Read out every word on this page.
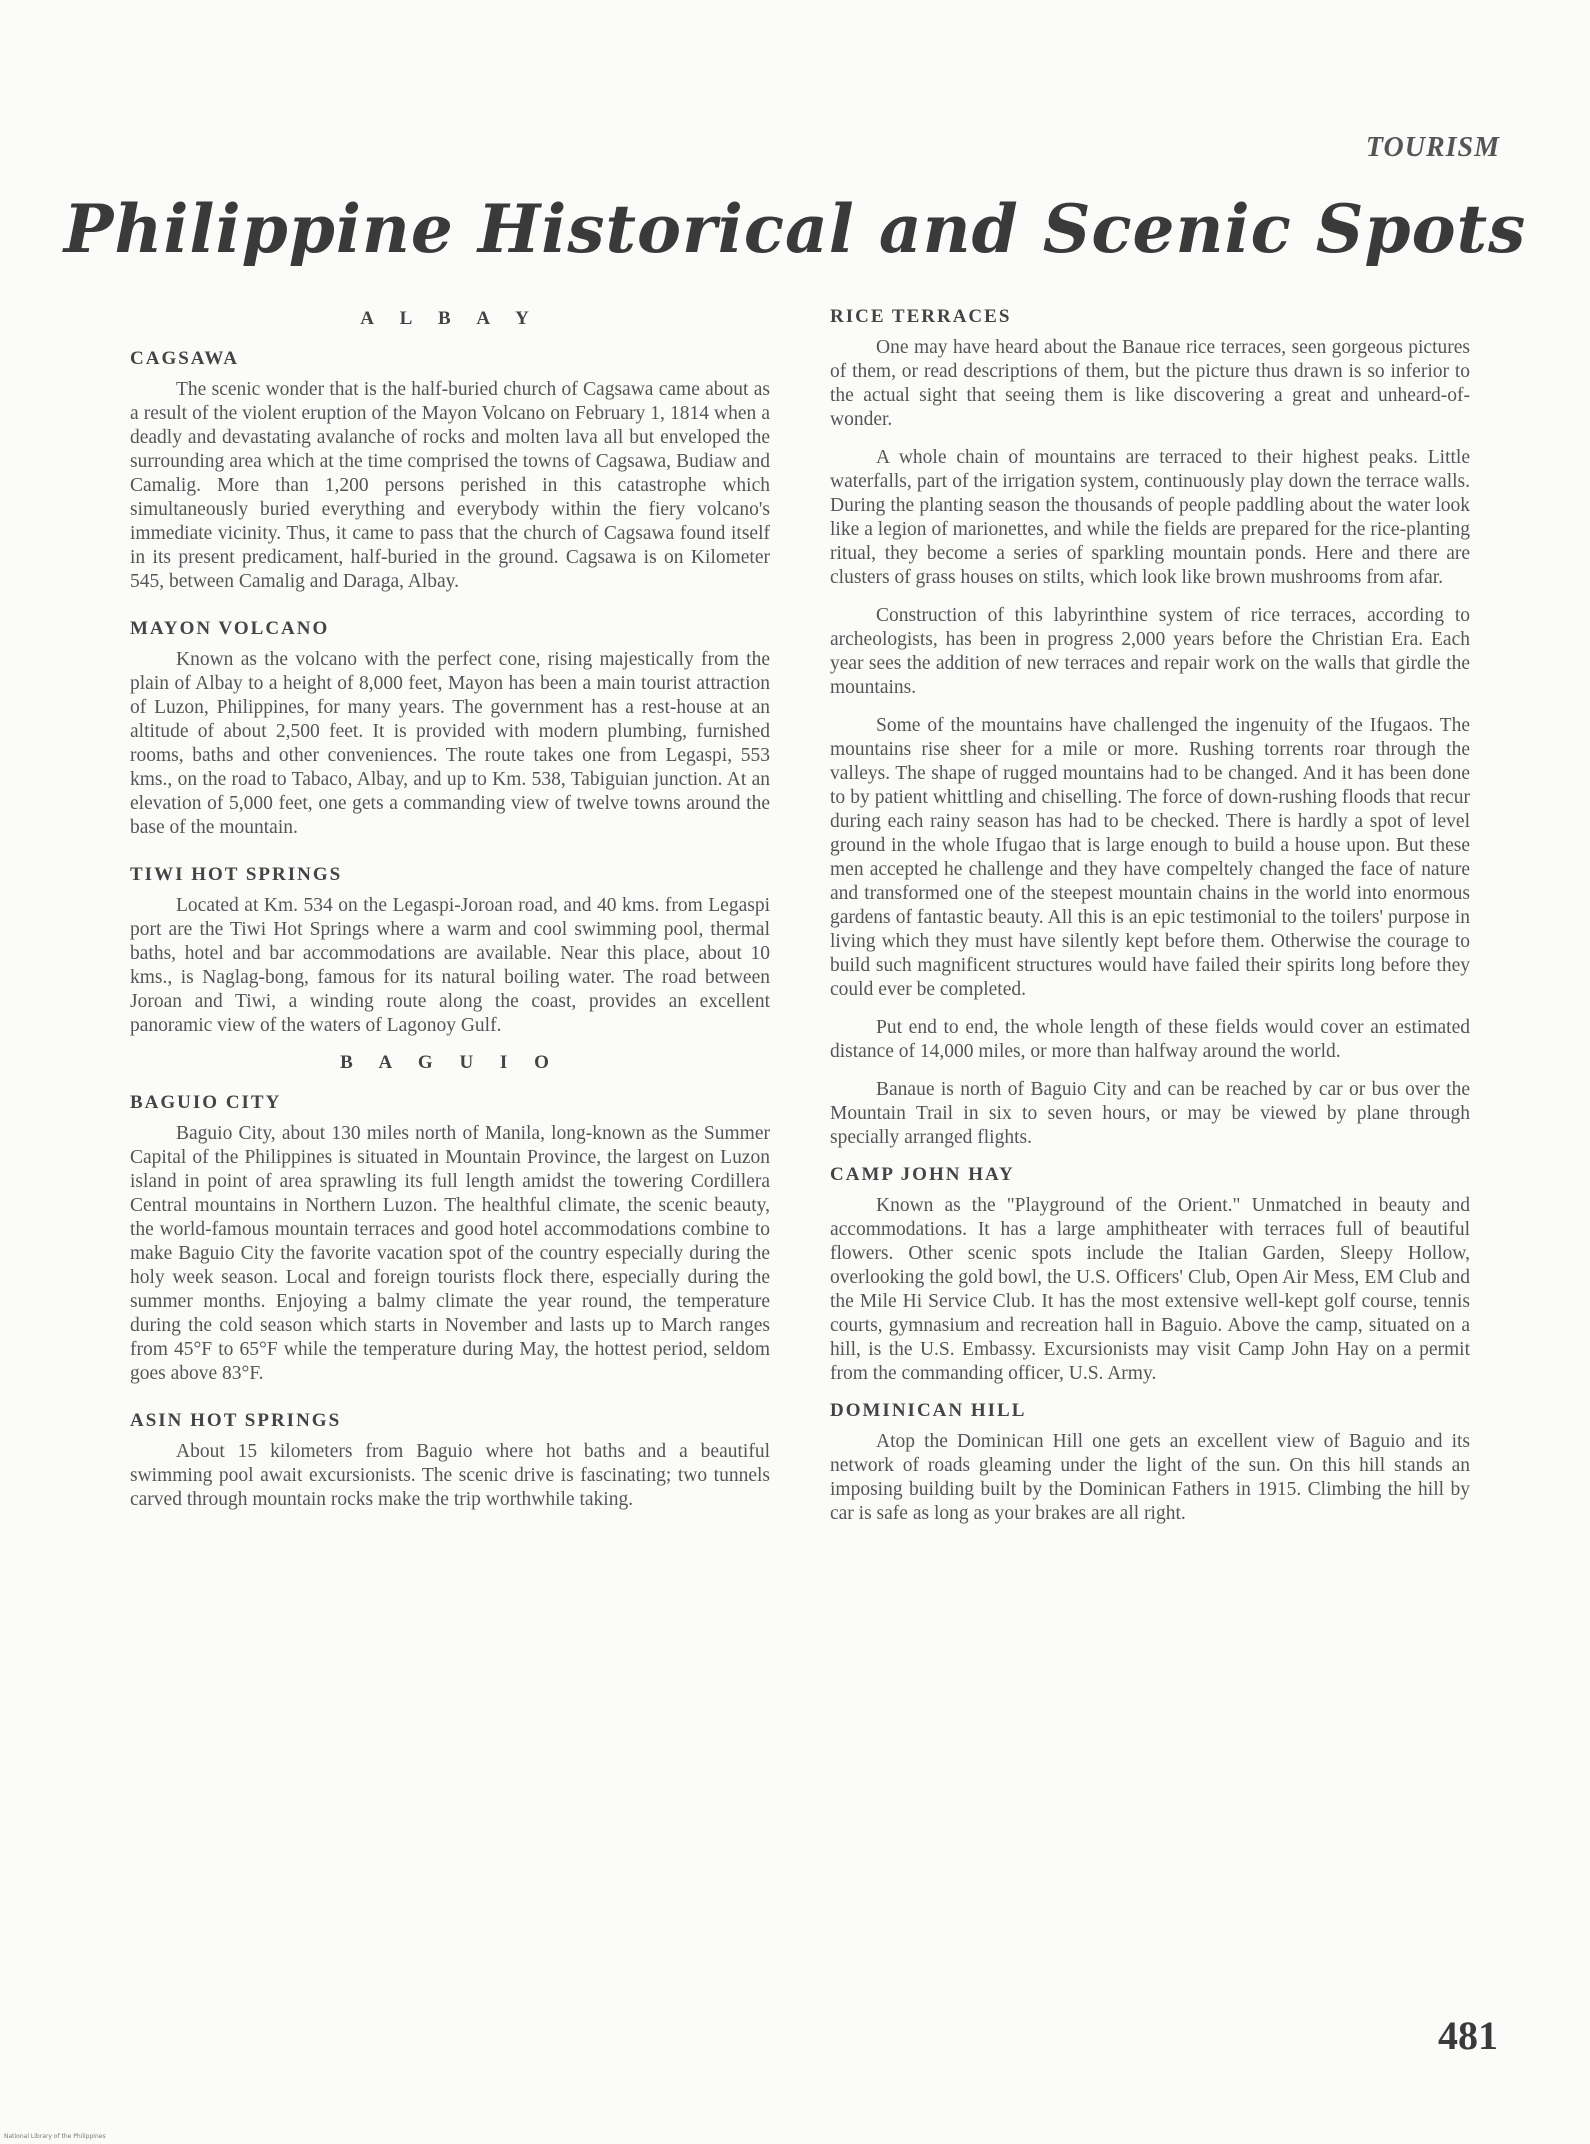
TOURISM
Philippine Historical and Scenic Spots
A L B A Y
CAGSAWA

The scenic wonder that is the half-buried church of Cagsawa came about as a result of the violent eruption of the Mayon Volcano on February 1, 1814 when a deadly and devastating avalanche of rocks and molten lava all but enveloped the surrounding area which at the time comprised the towns of Cagsawa, Budiaw and Camalig. More than 1,200 persons perished in this catastrophe which simultaneously buried everything and everybody within the fiery volcano's immediate vicinity. Thus, it came to pass that the church of Cagsawa found itself in its present predicament, half-buried in the ground. Cagsawa is on Kilometer 545, between Camalig and Daraga, Albay.

MAYON VOLCANO

Known as the volcano with the perfect cone, rising majestically from the plain of Albay to a height of 8,000 feet, Mayon has been a main tourist attraction of Luzon, Philippines, for many years. The government has a rest-house at an altitude of about 2,500 feet. It is provided with modern plumbing, furnished rooms, baths and other conveniences. The route takes one from Legaspi, 553 kms., on the road to Tabaco, Albay, and up to Km. 538, Tabiguian junction. At an elevation of 5,000 feet, one gets a commanding view of twelve towns around the base of the mountain.

TIWI HOT SPRINGS

Located at Km. 534 on the Legaspi-Joroan road, and 40 kms. from Legaspi port are the Tiwi Hot Springs where a warm and cool swimming pool, thermal baths, hotel and bar accommodations are available. Near this place, about 10 kms., is Naglag-bong, famous for its natural boiling water. The road between Joroan and Tiwi, a winding route along the coast, provides an excellent panoramic view of the waters of Lagonoy Gulf.

B A G U I O
BAGUIO CITY

Baguio City, about 130 miles north of Manila, long-known as the Summer Capital of the Philippines is situated in Mountain Province, the largest on Luzon island in point of area sprawling its full length amidst the towering Cordillera Central mountains in Northern Luzon. The healthful climate, the scenic beauty, the world-famous mountain terraces and good hotel accommodations combine to make Baguio City the favorite vacation spot of the country especially during the holy week season. Local and foreign tourists flock there, especially during the summer months. Enjoying a balmy climate the year round, the temperature during the cold season which starts in November and lasts up to March ranges from 45°F to 65°F while the temperature during May, the hottest period, seldom goes above 83°F.

ASIN HOT SPRINGS

About 15 kilometers from Baguio where hot baths and a beautiful swimming pool await excursionists. The scenic drive is fascinating; two tunnels carved through mountain rocks make the trip worthwhile taking.

RICE TERRACES

One may have heard about the Banaue rice terraces, seen gorgeous pictures of them, or read descriptions of them, but the picture thus drawn is so inferior to the actual sight that seeing them is like discovering a great and unheard-of-wonder.

A whole chain of mountains are terraced to their highest peaks. Little waterfalls, part of the irrigation system, continuously play down the terrace walls. During the planting season the thousands of people paddling about the water look like a legion of marionettes, and while the fields are prepared for the rice-planting ritual, they become a series of sparkling mountain ponds. Here and there are clusters of grass houses on stilts, which look like brown mushrooms from afar.

Construction of this labyrinthine system of rice terraces, according to archeologists, has been in progress 2,000 years before the Christian Era. Each year sees the addition of new terraces and repair work on the walls that girdle the mountains.

Some of the mountains have challenged the ingenuity of the Ifugaos. The mountains rise sheer for a mile or more. Rushing torrents roar through the valleys. The shape of rugged mountains had to be changed. And it has been done to by patient whittling and chiselling. The force of down-rushing floods that recur during each rainy season has had to be checked. There is hardly a spot of level ground in the whole Ifugao that is large enough to build a house upon. But these men accepted he challenge and they have compeltely changed the face of nature and transformed one of the steepest mountain chains in the world into enormous gardens of fantastic beauty. All this is an epic testimonial to the toilers' purpose in living which they must have silently kept before them. Otherwise the courage to build such magnificent structures would have failed their spirits long before they could ever be completed.

Put end to end, the whole length of these fields would cover an estimated distance of 14,000 miles, or more than halfway around the world.

Banaue is north of Baguio City and can be reached by car or bus over the Mountain Trail in six to seven hours, or may be viewed by plane through specially arranged flights.

CAMP JOHN HAY

Known as the "Playground of the Orient." Unmatched in beauty and accommodations. It has a large amphitheater with terraces full of beautiful flowers. Other scenic spots include the Italian Garden, Sleepy Hollow, overlooking the gold bowl, the U.S. Officers' Club, Open Air Mess, EM Club and the Mile Hi Service Club. It has the most extensive well-kept golf course, tennis courts, gymnasium and recreation hall in Baguio. Above the camp, situated on a hill, is the U.S. Embassy. Excursionists may visit Camp John Hay on a permit from the commanding officer, U.S. Army.

DOMINICAN HILL

Atop the Dominican Hill one gets an excellent view of Baguio and its network of roads gleaming under the light of the sun. On this hill stands an imposing building built by the Dominican Fathers in 1915. Climbing the hill by car is safe as long as your brakes are all right.

481
National Library of the Philippines
